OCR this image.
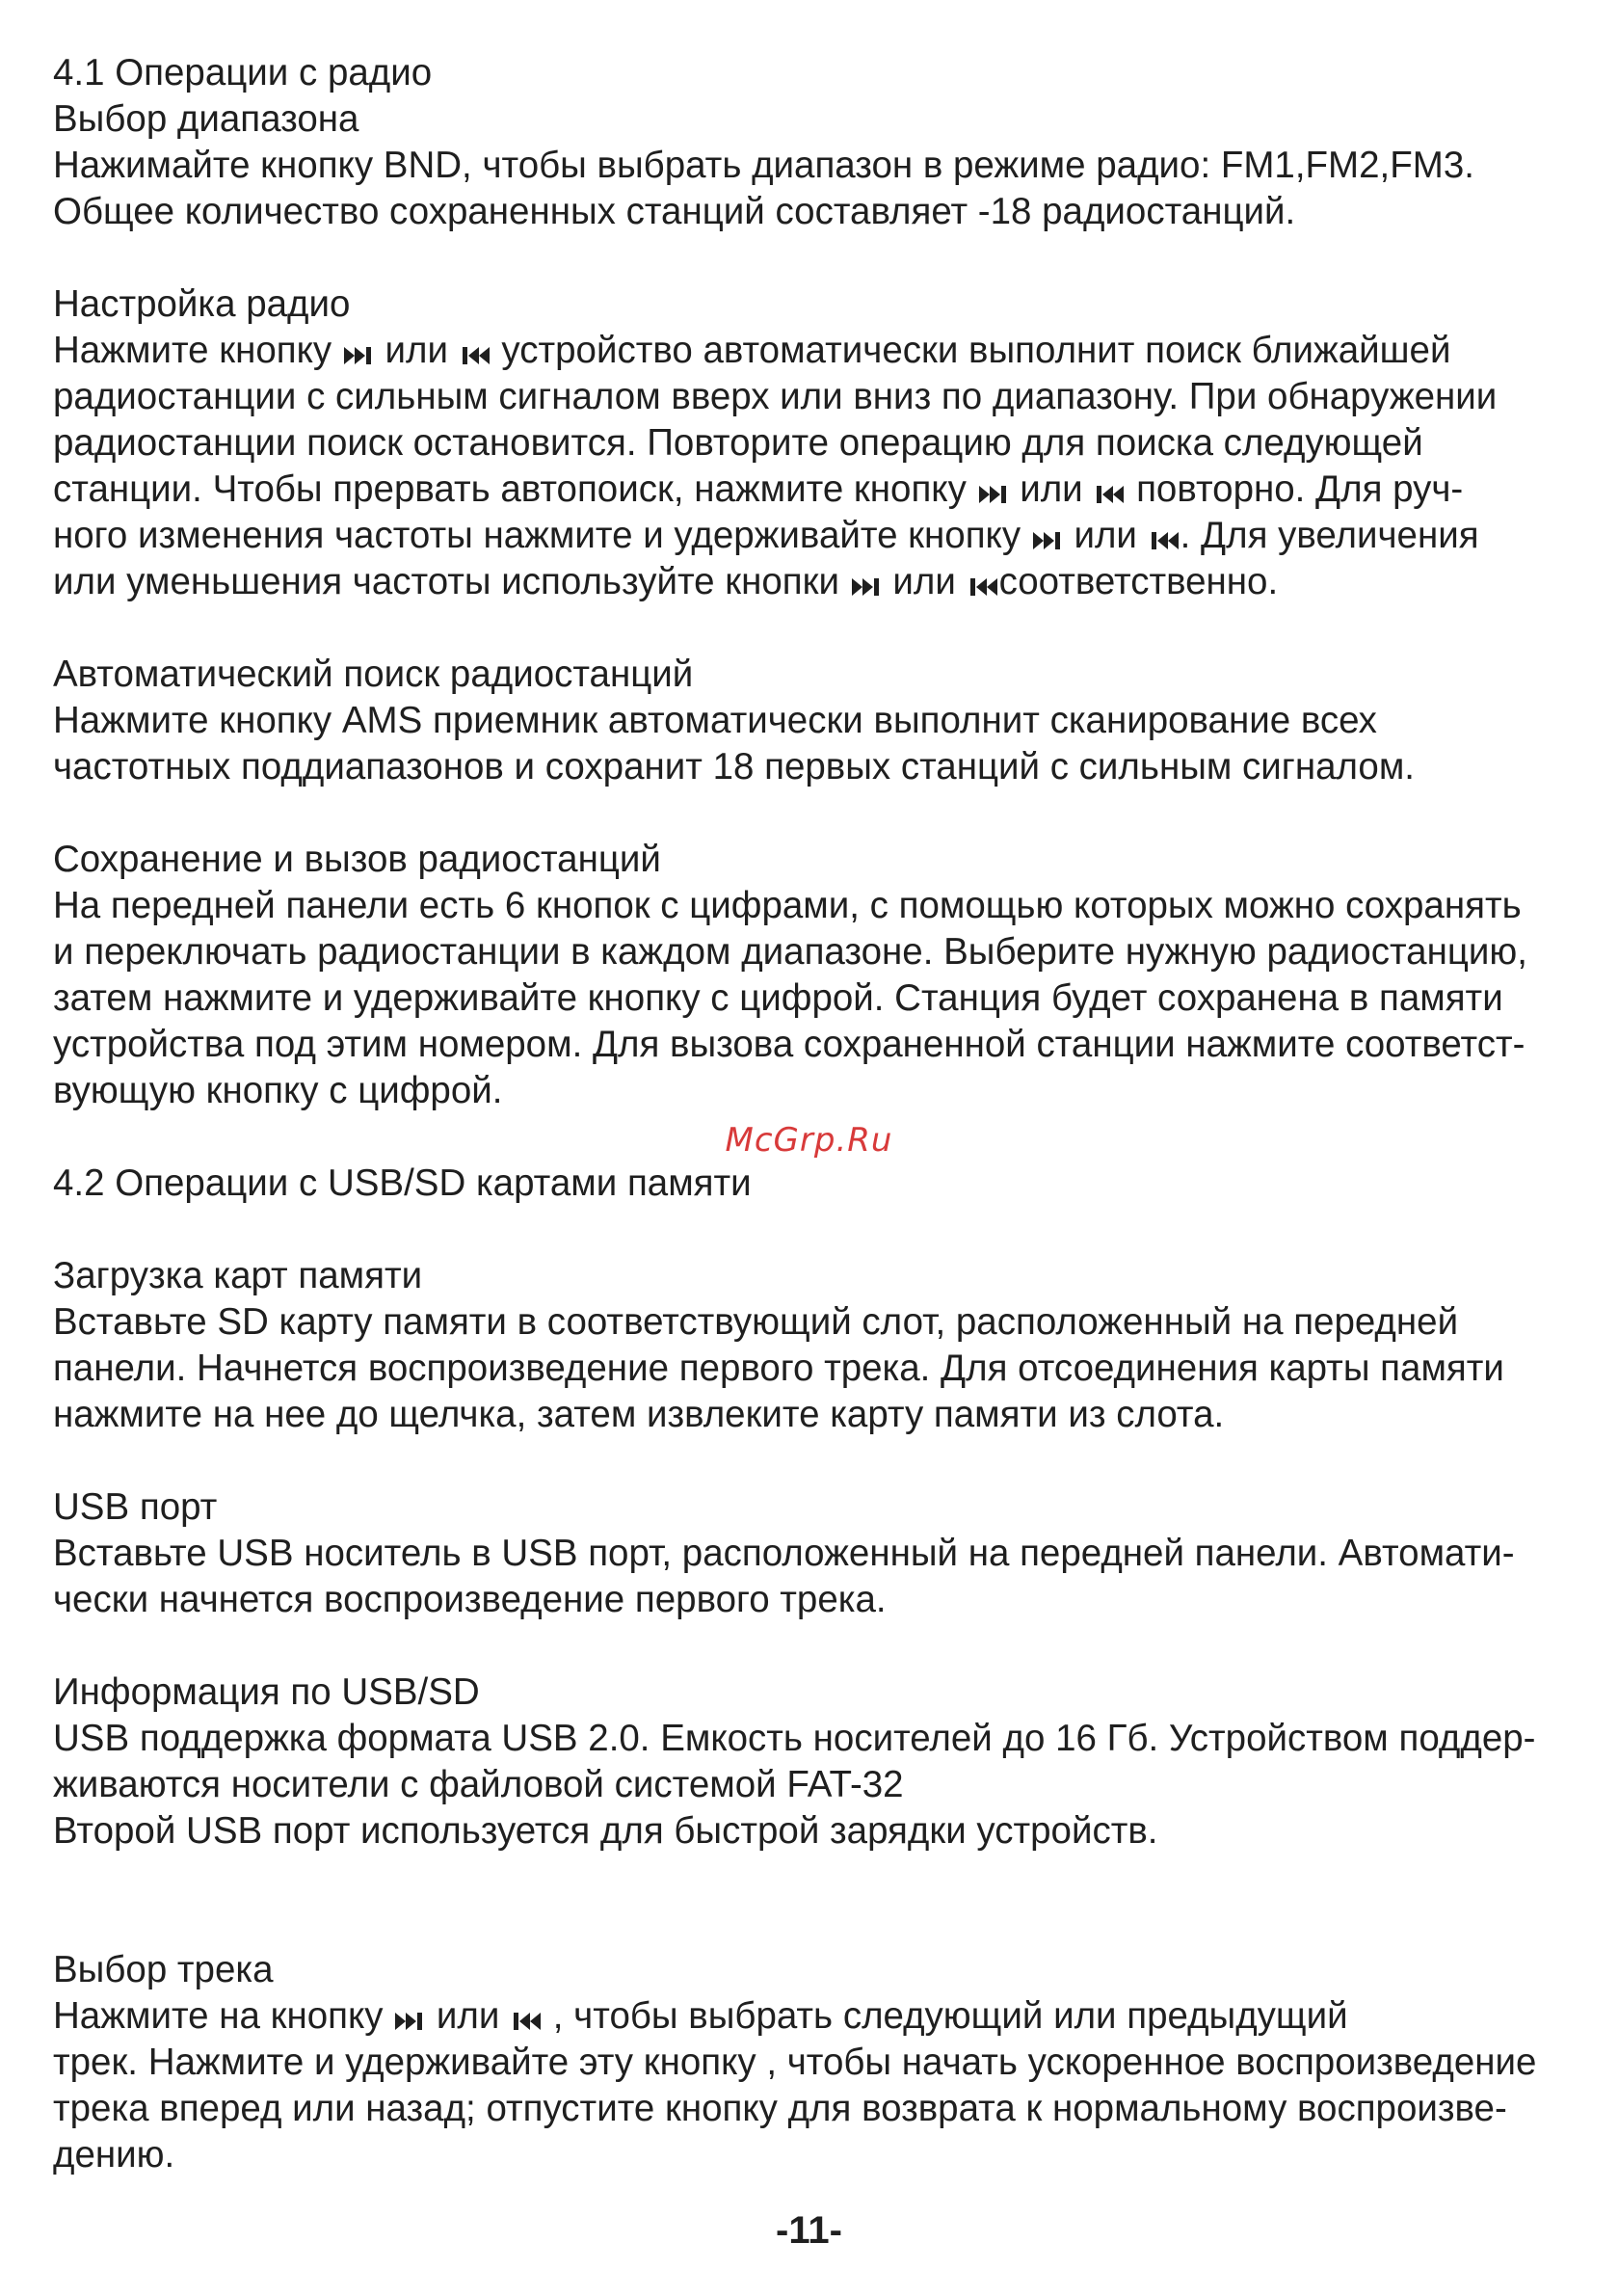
4.1 Операции с радио
Выбор диапазона
Нажимайте кнопку BND, чтобы выбрать диапазон в режиме радио: FM1,FM2,FM3.
Общее количество сохраненных станций составляет -18 радиостанций.
Настройка радио
Нажмите кнопку
или
устройство автоматически выполнит поиск ближайшей
радиостанции с сильным сигналом вверх или вниз по диапазону. При обнаружении
радиостанции поиск остановится. Повторите операцию для поиска следующей
станции. Чтобы прервать автопоиск, нажмите кнопку
или
повторно. Для руч-
ного изменения частоты нажмите и удерживайте кнопку
или
. Для увеличения
или уменьшения частоты используйте кнопки
или
соответственно.
Автоматический поиск радиостанций
Нажмите кнопку AMS приемник автоматически выполнит сканирование всех
частотных поддиапазонов и сохранит 18 первых станций с сильным сигналом.
Сохранение и вызов радиостанций
На передней панели есть 6 кнопок с цифрами, с помощью которых можно сохранять
и переключать радиостанции в каждом диапазоне. Выберите нужную радиостанцию,
затем нажмите и удерживайте кнопку с цифрой. Станция будет сохранена в памяти
устройства под этим номером. Для вызова сохраненной станции нажмите соответст-
вующую кнопку с цифрой.
4.2 Операции с USB/SD картами памяти
Загрузка карт памяти
Вставьте SD карту памяти в соответствующий слот, расположенный на передней
панели. Начнется воспроизведение первого трека. Для отсоединения карты памяти
нажмите на нее до щелчка, затем извлеките карту памяти из слота.
USB порт
Вставьте USB носитель в USB порт, расположенный на передней панели. Автомати-
чески начнется воспроизведение первого трека.
Информация по USB/SD
USB поддержка формата USB 2.0. Емкость носителей до 16 Гб. Устройством поддер-
живаются носители с файловой системой FAT-32
Второй USB порт используется для быстрой зарядки устройств.
Выбор трека
Нажмите на кнопку
или
, чтобы выбрать следующий или предыдущий
трек. Нажмите и удерживайте эту кнопку , чтобы начать ускоренное воспроизведение
трека вперед или назад; отпустите кнопку для возврата к нормальному воспроизве-
дению.
McGrp.Ru
-11-
